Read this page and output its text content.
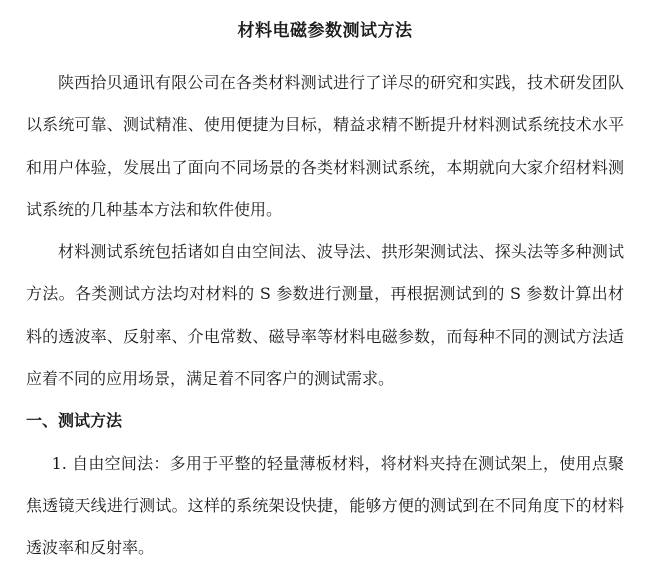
材料电磁参数测试方法

陕西拾贝通讯有限公司在各类材料测试进行了详尽的研究和实践，技术研发团队以系统可靠、测试精准、使用便捷为目标，精益求精不断提升材料测试系统技术水平和用户体验，发展出了面向不同场景的各类材料测试系统，本期就向大家介绍材料测试系统的几种基本方法和软件使用。

材料测试系统包括诸如自由空间法、波导法、拱形架测试法、探头法等多种测试方法。各类测试方法均对材料的 S 参数进行测量，再根据测试到的 S 参数计算出材料的透波率、反射率、介电常数、磁导率等材料电磁参数，而每种不同的测试方法适应着不同的应用场景，满足着不同客户的测试需求。

一、测试方法

1. 自由空间法：多用于平整的轻量薄板材料，将材料夹持在测试架上，使用点聚焦透镜天线进行测试。这样的系统架设快捷，能够方便的测试到在不同角度下的材料透波率和反射率。
